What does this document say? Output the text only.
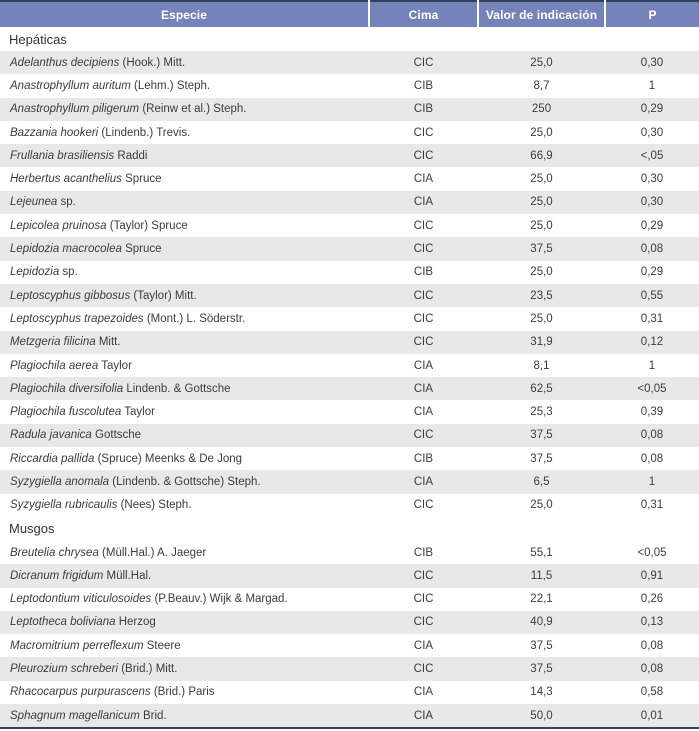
Especie	Cima	Valor de indicación	P
Hepáticas			
Adelanthus decipiens (Hook.) Mitt.	CIC	25,0	0,30
Anastrophyllum auritum (Lehm.) Steph.	CIB	8,7	1
Anastrophyllum piligerum (Reinw et al.) Steph.	CIB	250	0,29
Bazzania hookeri (Lindenb.) Trevis.	CIC	25,0	0,30
Frullania brasiliensis Raddi	CIC	66,9	<,05
Herbertus acanthelius Spruce	CIA	25,0	0,30
Lejeunea sp.	CIA	25,0	0,30
Lepicolea pruinosa (Taylor) Spruce	CIC	25,0	0,29
Lepidozia macrocolea Spruce	CIC	37,5	0,08
Lepidozia sp.	CIB	25,0	0,29
Leptoscyphus gibbosus (Taylor) Mitt.	CIC	23,5	0,55
Leptoscyphus trapezoides (Mont.) L. Söderstr.	CIC	25,0	0,31
Metzgeria filicina Mitt.	CIC	31,9	0,12
Plagiochila aerea Taylor	CIA	8,1	1
Plagiochila diversifolia Lindenb. & Gottsche	CIA	62,5	<0,05
Plagiochila fuscolutea Taylor	CIA	25,3	0,39
Radula javanica Gottsche	CIC	37,5	0,08
Riccardia pallida (Spruce) Meenks & De Jong	CIB	37,5	0,08
Syzygiella anomala (Lindenb. & Gottsche) Steph.	CIA	6,5	1
Syzygiella rubricaulis (Nees) Steph.	CIC	25,0	0,31
Musgos			
Breutelia chrysea (Müll.Hal.) A. Jaeger	CIB	55,1	<0,05
Dicranum frigidum Müll.Hal.	CIC	11,5	0,91
Leptodontium viticulosoides (P.Beauv.) Wijk & Margad.	CIC	22,1	0,26
Leptotheca boliviana Herzog	CIC	40,9	0,13
Macromitrium perreflexum Steere	CIA	37,5	0,08
Pleurozium schreberi (Brid.) Mitt.	CIC	37,5	0,08
Rhacocarpus purpurascens (Brid.) Paris	CIA	14,3	0,58
Sphagnum magellanicum Brid.	CIA	50,0	0,01
